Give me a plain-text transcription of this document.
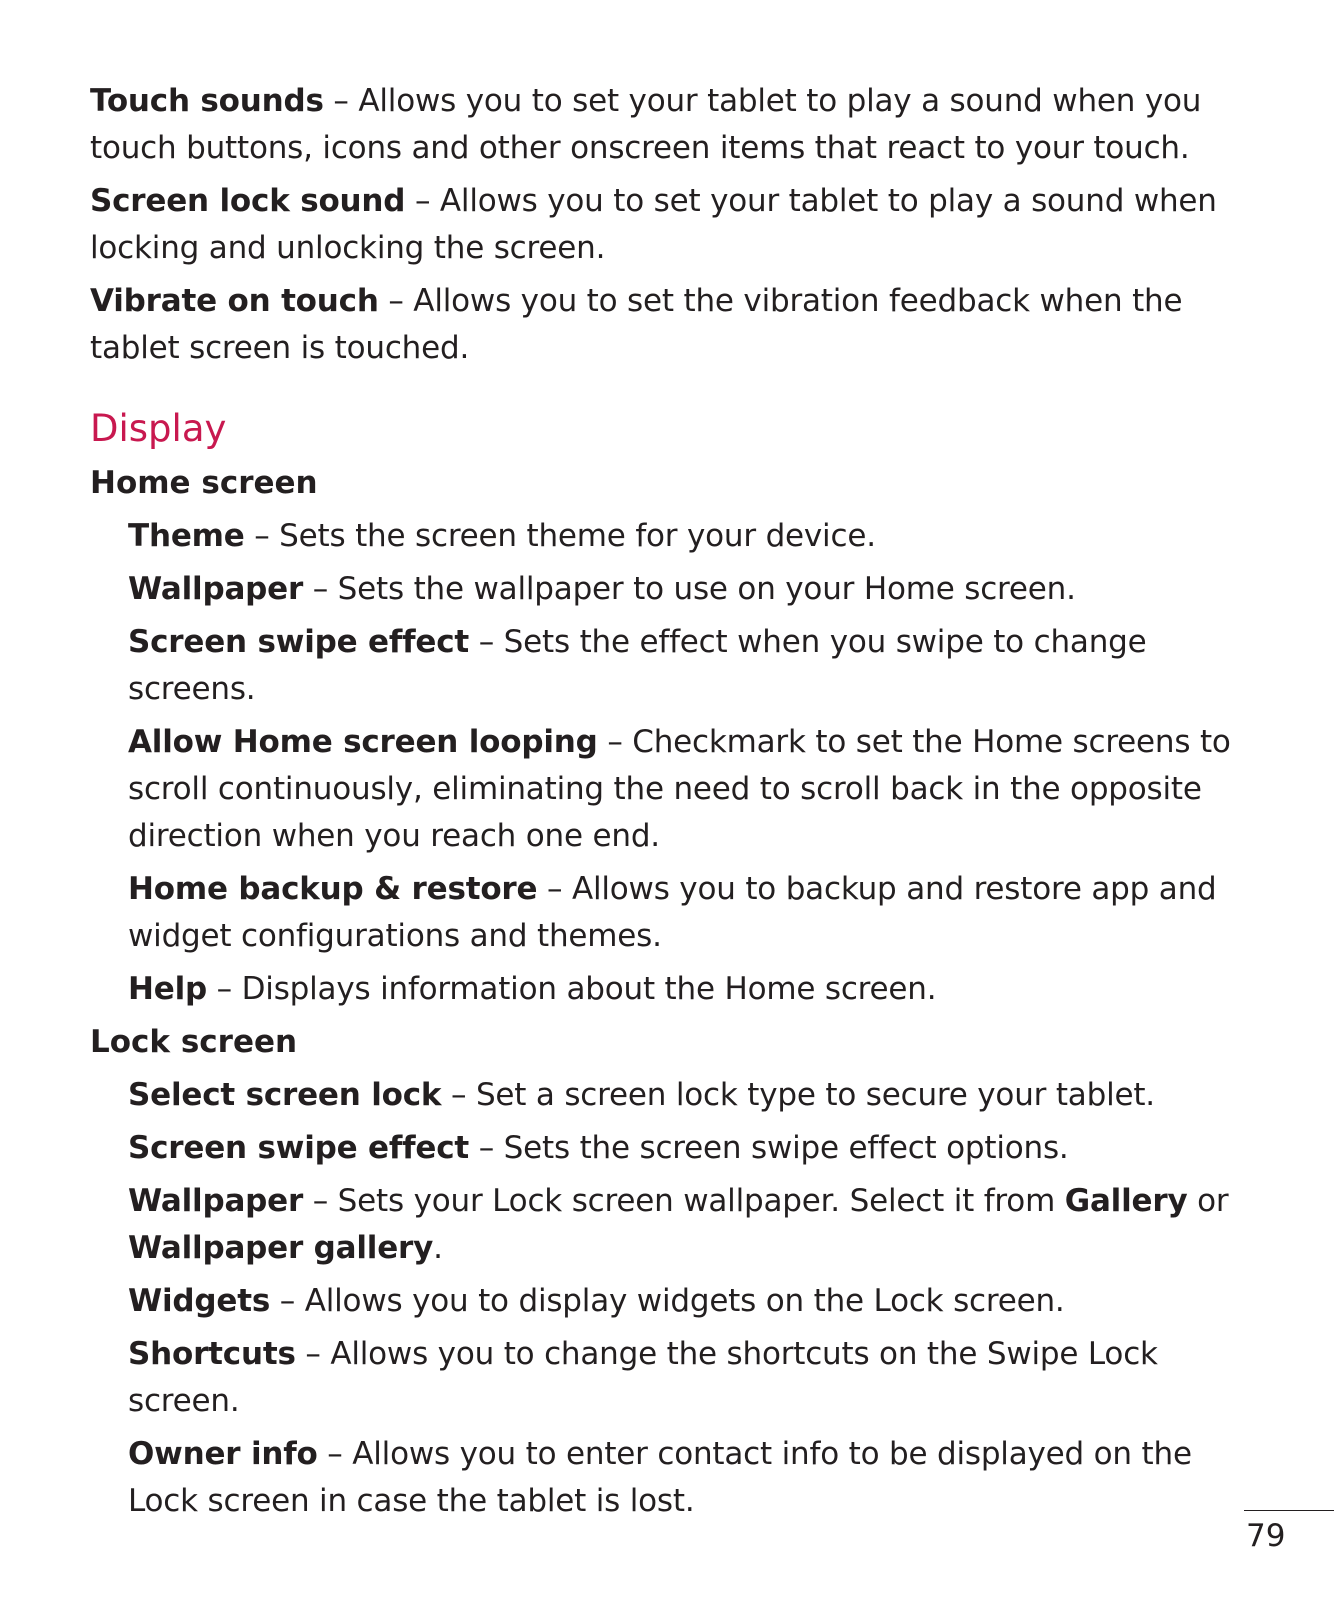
Touch sounds – Allows you to set your tablet to play a sound when you touch buttons, icons and other onscreen items that react to your touch.

Screen lock sound – Allows you to set your tablet to play a sound when locking and unlocking the screen.

Vibrate on touch – Allows you to set the vibration feedback when the tablet screen is touched.

Display
Home screen

Theme – Sets the screen theme for your device.

Wallpaper – Sets the wallpaper to use on your Home screen.

Screen swipe effect – Sets the effect when you swipe to change screens.

Allow Home screen looping – Checkmark to set the Home screens to scroll continuously, eliminating the need to scroll back in the opposite direction when you reach one end.

Home backup & restore – Allows you to backup and restore app and widget configurations and themes.

Help – Displays information about the Home screen.

Lock screen

Select screen lock – Set a screen lock type to secure your tablet.

Screen swipe effect – Sets the screen swipe effect options.

Wallpaper – Sets your Lock screen wallpaper. Select it from Gallery or Wallpaper gallery.

Widgets – Allows you to display widgets on the Lock screen.

Shortcuts – Allows you to change the shortcuts on the Swipe Lock screen.

Owner info – Allows you to enter contact info to be displayed on the Lock screen in case the tablet is lost.

79
